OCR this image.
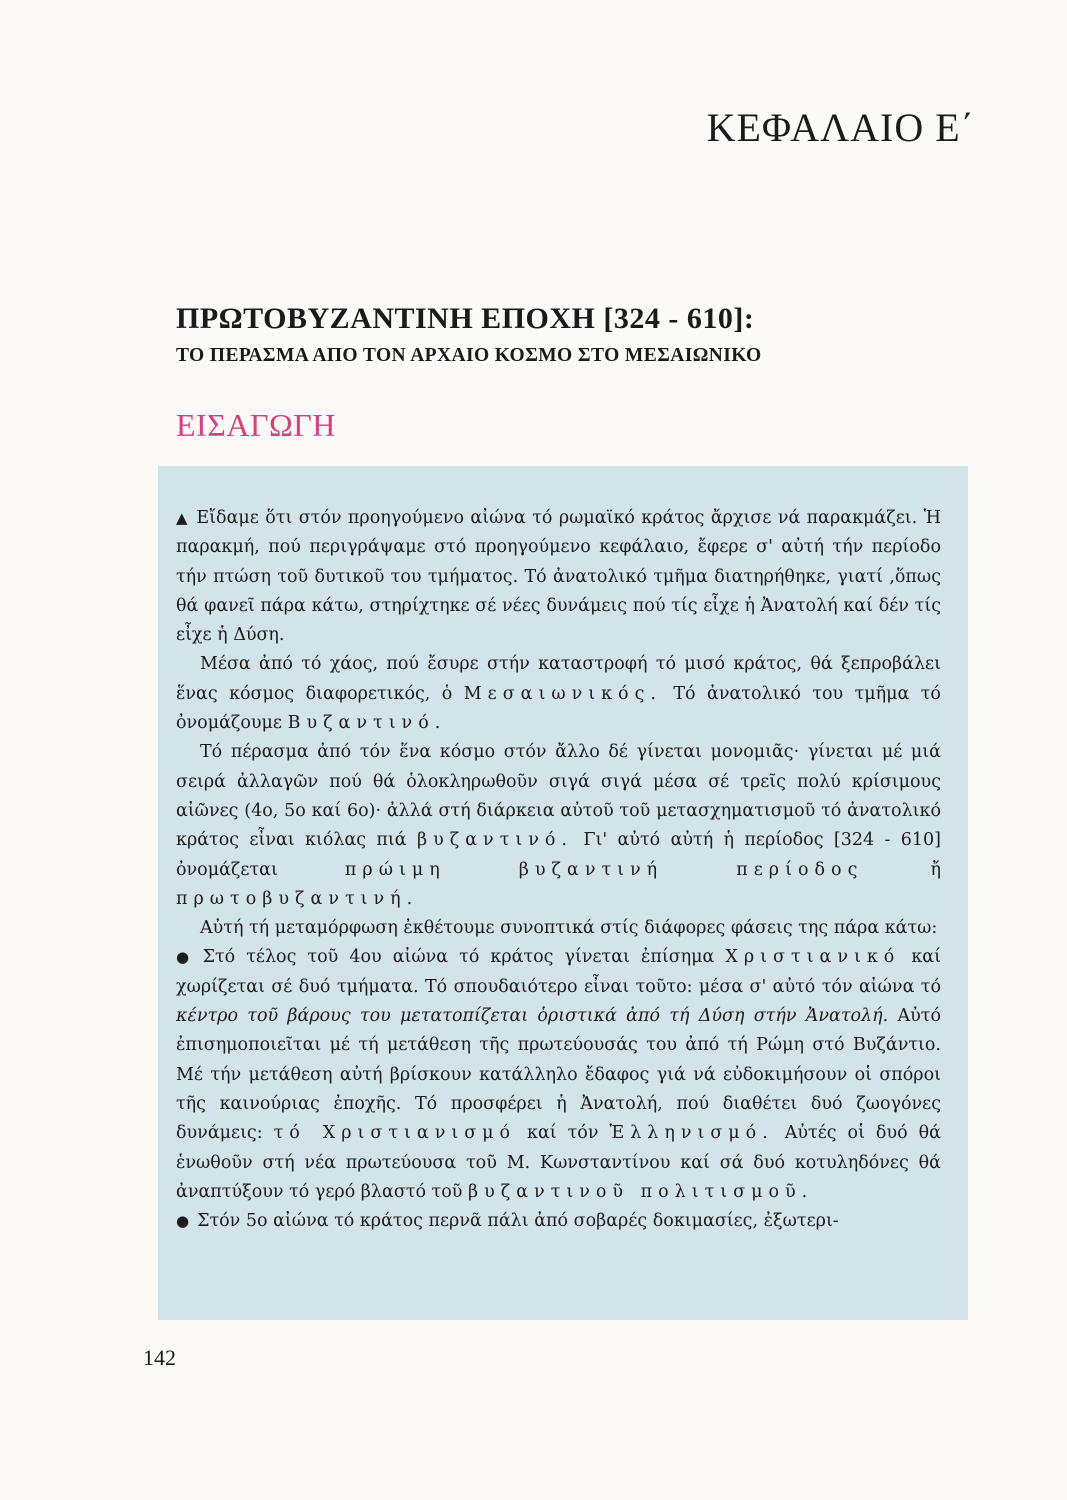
ΚΕΦΑΛΑΙΟ Ε΄
ΠΡΩΤΟΒΥΖΑΝΤΙΝΗ ΕΠΟΧΗ [324 - 610]:
ΤΟ ΠΕΡΑΣΜΑ ΑΠΟ ΤΟΝ ΑΡΧΑΙΟ ΚΟΣΜΟ ΣΤΟ ΜΕΣΑΙΩΝΙΚΟ
ΕΙΣΑΓΩΓΗ

▲ Εἴδαμε ὅτι στόν προηγούμενο αἰώνα τό ρωμαϊκό κράτος ἄρχισε νά παρακμάζει. Ἡ παρακμή, πού περιγράψαμε στό προηγούμενο κεφάλαιο, ἔφερε σ' αὐτή τήν περίοδο τήν πτώση τοῦ δυτικοῦ του τμήματος. Τό ἀνατολικό τμῆμα διατηρήθηκε, γιατί ,ὅπως θά φανεῖ πάρα κάτω, στηρίχτηκε σέ νέες δυνάμεις πού τίς εἶχε ἡ Ἀνατολή καί δέν τίς εἶχε ἡ Δύση.

Μέσα ἀπό τό χάος, πού ἔσυρε στήν καταστροφή τό μισό κράτος, θά ξεπροβάλει ἕνας κόσμος διαφορετικός, ὁ Μεσαιωνικός. Τό ἀνατολικό του τμῆμα τό ὀνομάζουμε Βυζαντινό.

Τό πέρασμα ἀπό τόν ἕνα κόσμο στόν ἄλλο δέ γίνεται μονομιᾶς· γίνεται μέ μιά σειρά ἀλλαγῶν πού θά ὁλοκληρωθοῦν σιγά σιγά μέσα σέ τρεῖς πολύ κρίσιμους αἰῶνες (4ο, 5ο καί 6ο)· ἀλλά στή διάρκεια αὐτοῦ τοῦ μετασχηματισμοῦ τό ἀνατολικό κράτος εἶναι κιόλας πιά βυζαντινό. Γι' αὐτό αὐτή ἡ περίοδος [324 - 610] ὀνομάζεται	πρώιμη βυζαντινή περίοδος	ἤ πρωτοβυζαντινή.

Αὐτή τή μεταμόρφωση ἐκθέτουμε συνοπτικά στίς διάφορες φάσεις της πάρα κάτω:

● Στό τέλος τοῦ 4ου αἰώνα τό κράτος γίνεται ἐπίσημα Χριστιανικό καί χωρίζεται σέ δυό τμήματα. Τό σπουδαιότερο εἶναι τοῦτο: μέσα σ' αὐτό τόν αἰώνα τό κέντρο τοῦ βάρους του μετατοπίζεται ὁριστικά ἀπό τή Δύση στήν Ἀνατολή. Αὐτό ἐπισημοποιεῖται μέ τή μετάθεση τῆς πρωτεύουσάς του ἀπό τή Ρώμη στό Βυζάντιο. Μέ τήν μετάθεση αὐτή βρίσκουν κατάλληλο ἔδαφος γιά νά εὐδοκιμήσουν οἱ σπόροι τῆς καινούριας ἐποχῆς. Τό προσφέρει ἡ Ἀνατολή, πού διαθέτει δυό ζωογόνες δυνάμεις: τό Χριστιανισμό καί τόν Ἑλληνισμό. Αὐτές οἱ δυό θά ἑνωθοῦν στή νέα πρωτεύουσα τοῦ Μ. Κωνσταντίνου καί σά δυό κοτυληδόνες θά ἀναπτύξουν τό γερό βλαστό τοῦ βυζαντινοῦ πολιτισμοῦ.

● Στόν 5ο αἰώνα τό κράτος περνᾶ πάλι ἀπό σοβαρές δοκιμασίες, ἐξωτερι-

142
